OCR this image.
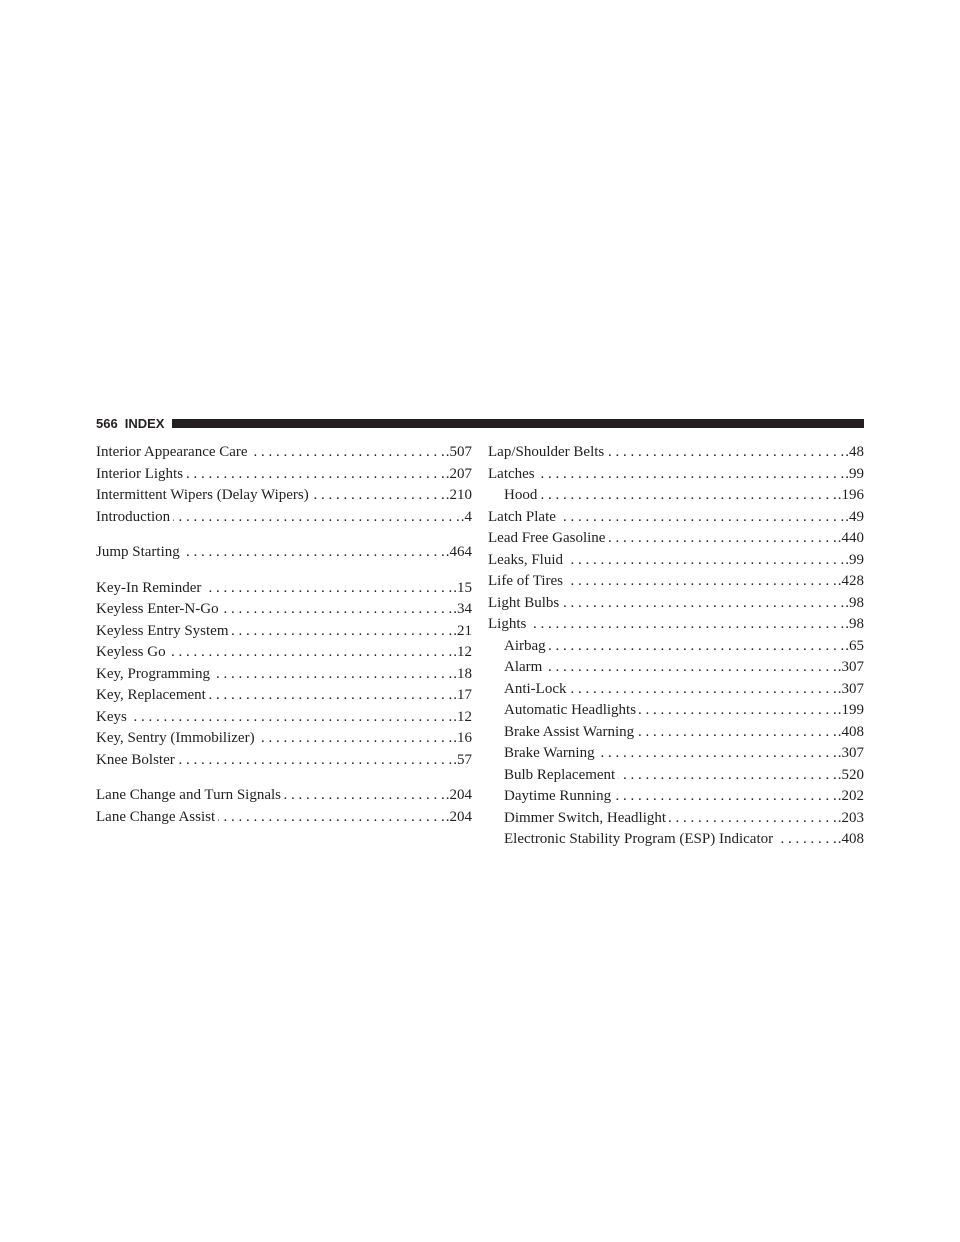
566 INDEX
Interior Appearance Care . . .	.507
Interior Lights . . .	.207
Intermittent Wipers (Delay Wipers) . . .	.210
Introduction . . .	.4
Jump Starting . . .	.464
Key-In Reminder . . .	.15
Keyless Enter-N-Go . . .	.34
Keyless Entry System . . .	.21
Keyless Go . . .	.12
Key, Programming . . .	.18
Key, Replacement . . .	.17
Keys . . .	.12
Key, Sentry (Immobilizer) . . .	.16
Knee Bolster . . .	.57
Lane Change and Turn Signals . . .	.204
Lane Change Assist . . .	.204
Lap/Shoulder Belts . . .	.48
Latches . . .	.99
Hood . . .	.196
Latch Plate . . .	.49
Lead Free Gasoline . . .	.440
Leaks, Fluid . . .	.99
Life of Tires . . .	.428
Light Bulbs . . .	.98
Lights . . .	.98
Airbag . . .	.65
Alarm . . .	.307
Anti-Lock . . .	.307
Automatic Headlights . . .	.199
Brake Assist Warning . . .	.408
Brake Warning . . .	.307
Bulb Replacement . . .	.520
Daytime Running . . .	.202
Dimmer Switch, Headlight . . .	.203
Electronic Stability Program (ESP) Indicator . . .	.408
